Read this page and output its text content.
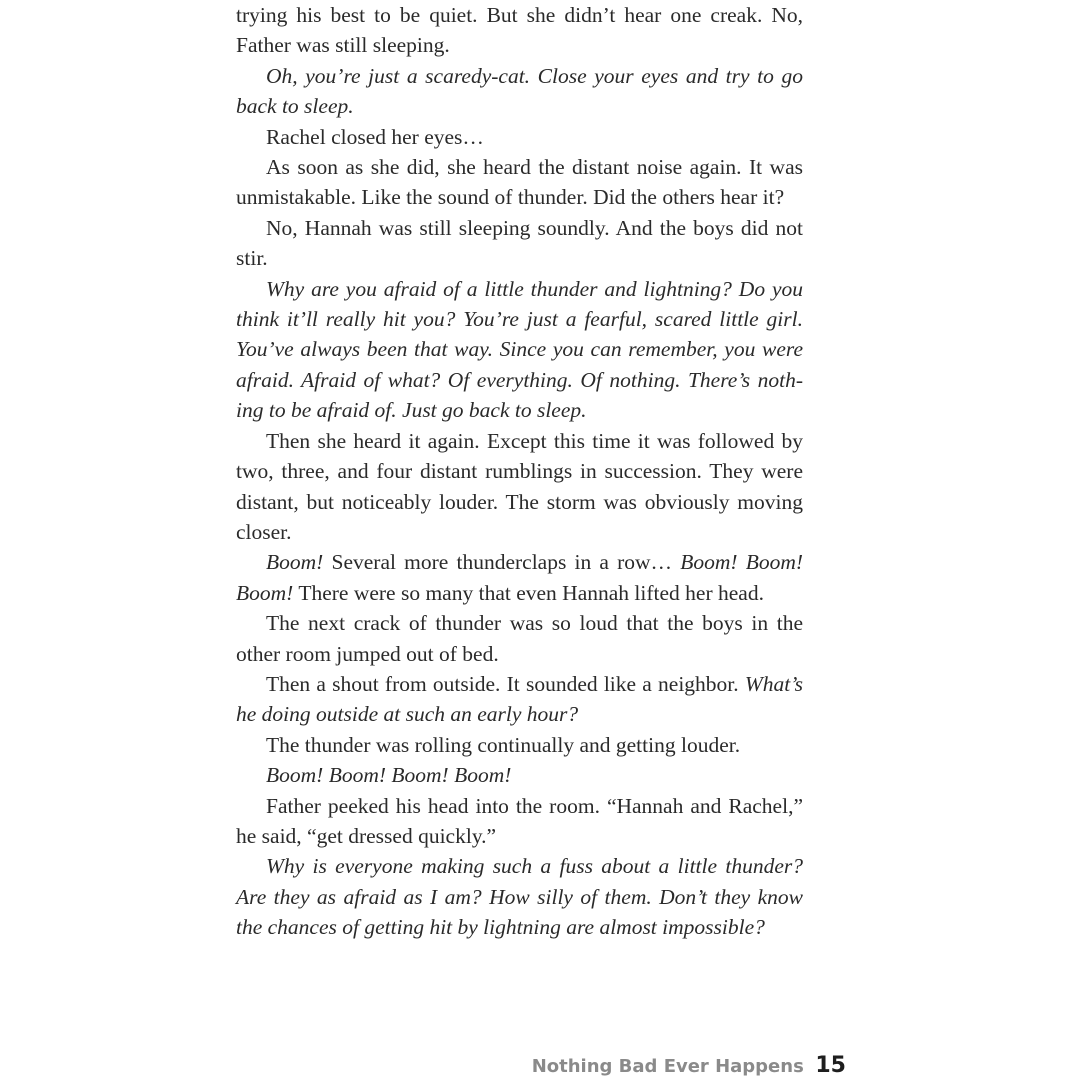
trying his best to be quiet. But she didn’t hear one creak. No, Father was still sleeping.

Oh, you’re just a scaredy-cat. Close your eyes and try to go back to sleep.

Rachel closed her eyes…

As soon as she did, she heard the distant noise again. It was unmistakable. Like the sound of thunder. Did the others hear it?

No, Hannah was still sleeping soundly. And the boys did not stir.

Why are you afraid of a little thunder and lightning? Do you think it’ll really hit you? You’re just a fearful, scared little girl. You’ve always been that way. Since you can remember, you were afraid. Afraid of what? Of everything. Of nothing. There’s nothing to be afraid of. Just go back to sleep.

Then she heard it again. Except this time it was followed by two, three, and four distant rumblings in succession. They were distant, but noticeably louder. The storm was obviously moving closer.

Boom! Several more thunderclaps in a row… Boom! Boom! Boom! There were so many that even Hannah lifted her head.

The next crack of thunder was so loud that the boys in the other room jumped out of bed.

Then a shout from outside. It sounded like a neighbor. What’s he doing outside at such an early hour?

The thunder was rolling continually and getting louder.

Boom! Boom! Boom! Boom!

Father peeked his head into the room. “Hannah and Rachel,” he said, “get dressed quickly.”

Why is everyone making such a fuss about a little thunder? Are they as afraid as I am? How silly of them. Don’t they know the chances of getting hit by lightning are almost impossible?

Nothing Bad Ever Happens 15
